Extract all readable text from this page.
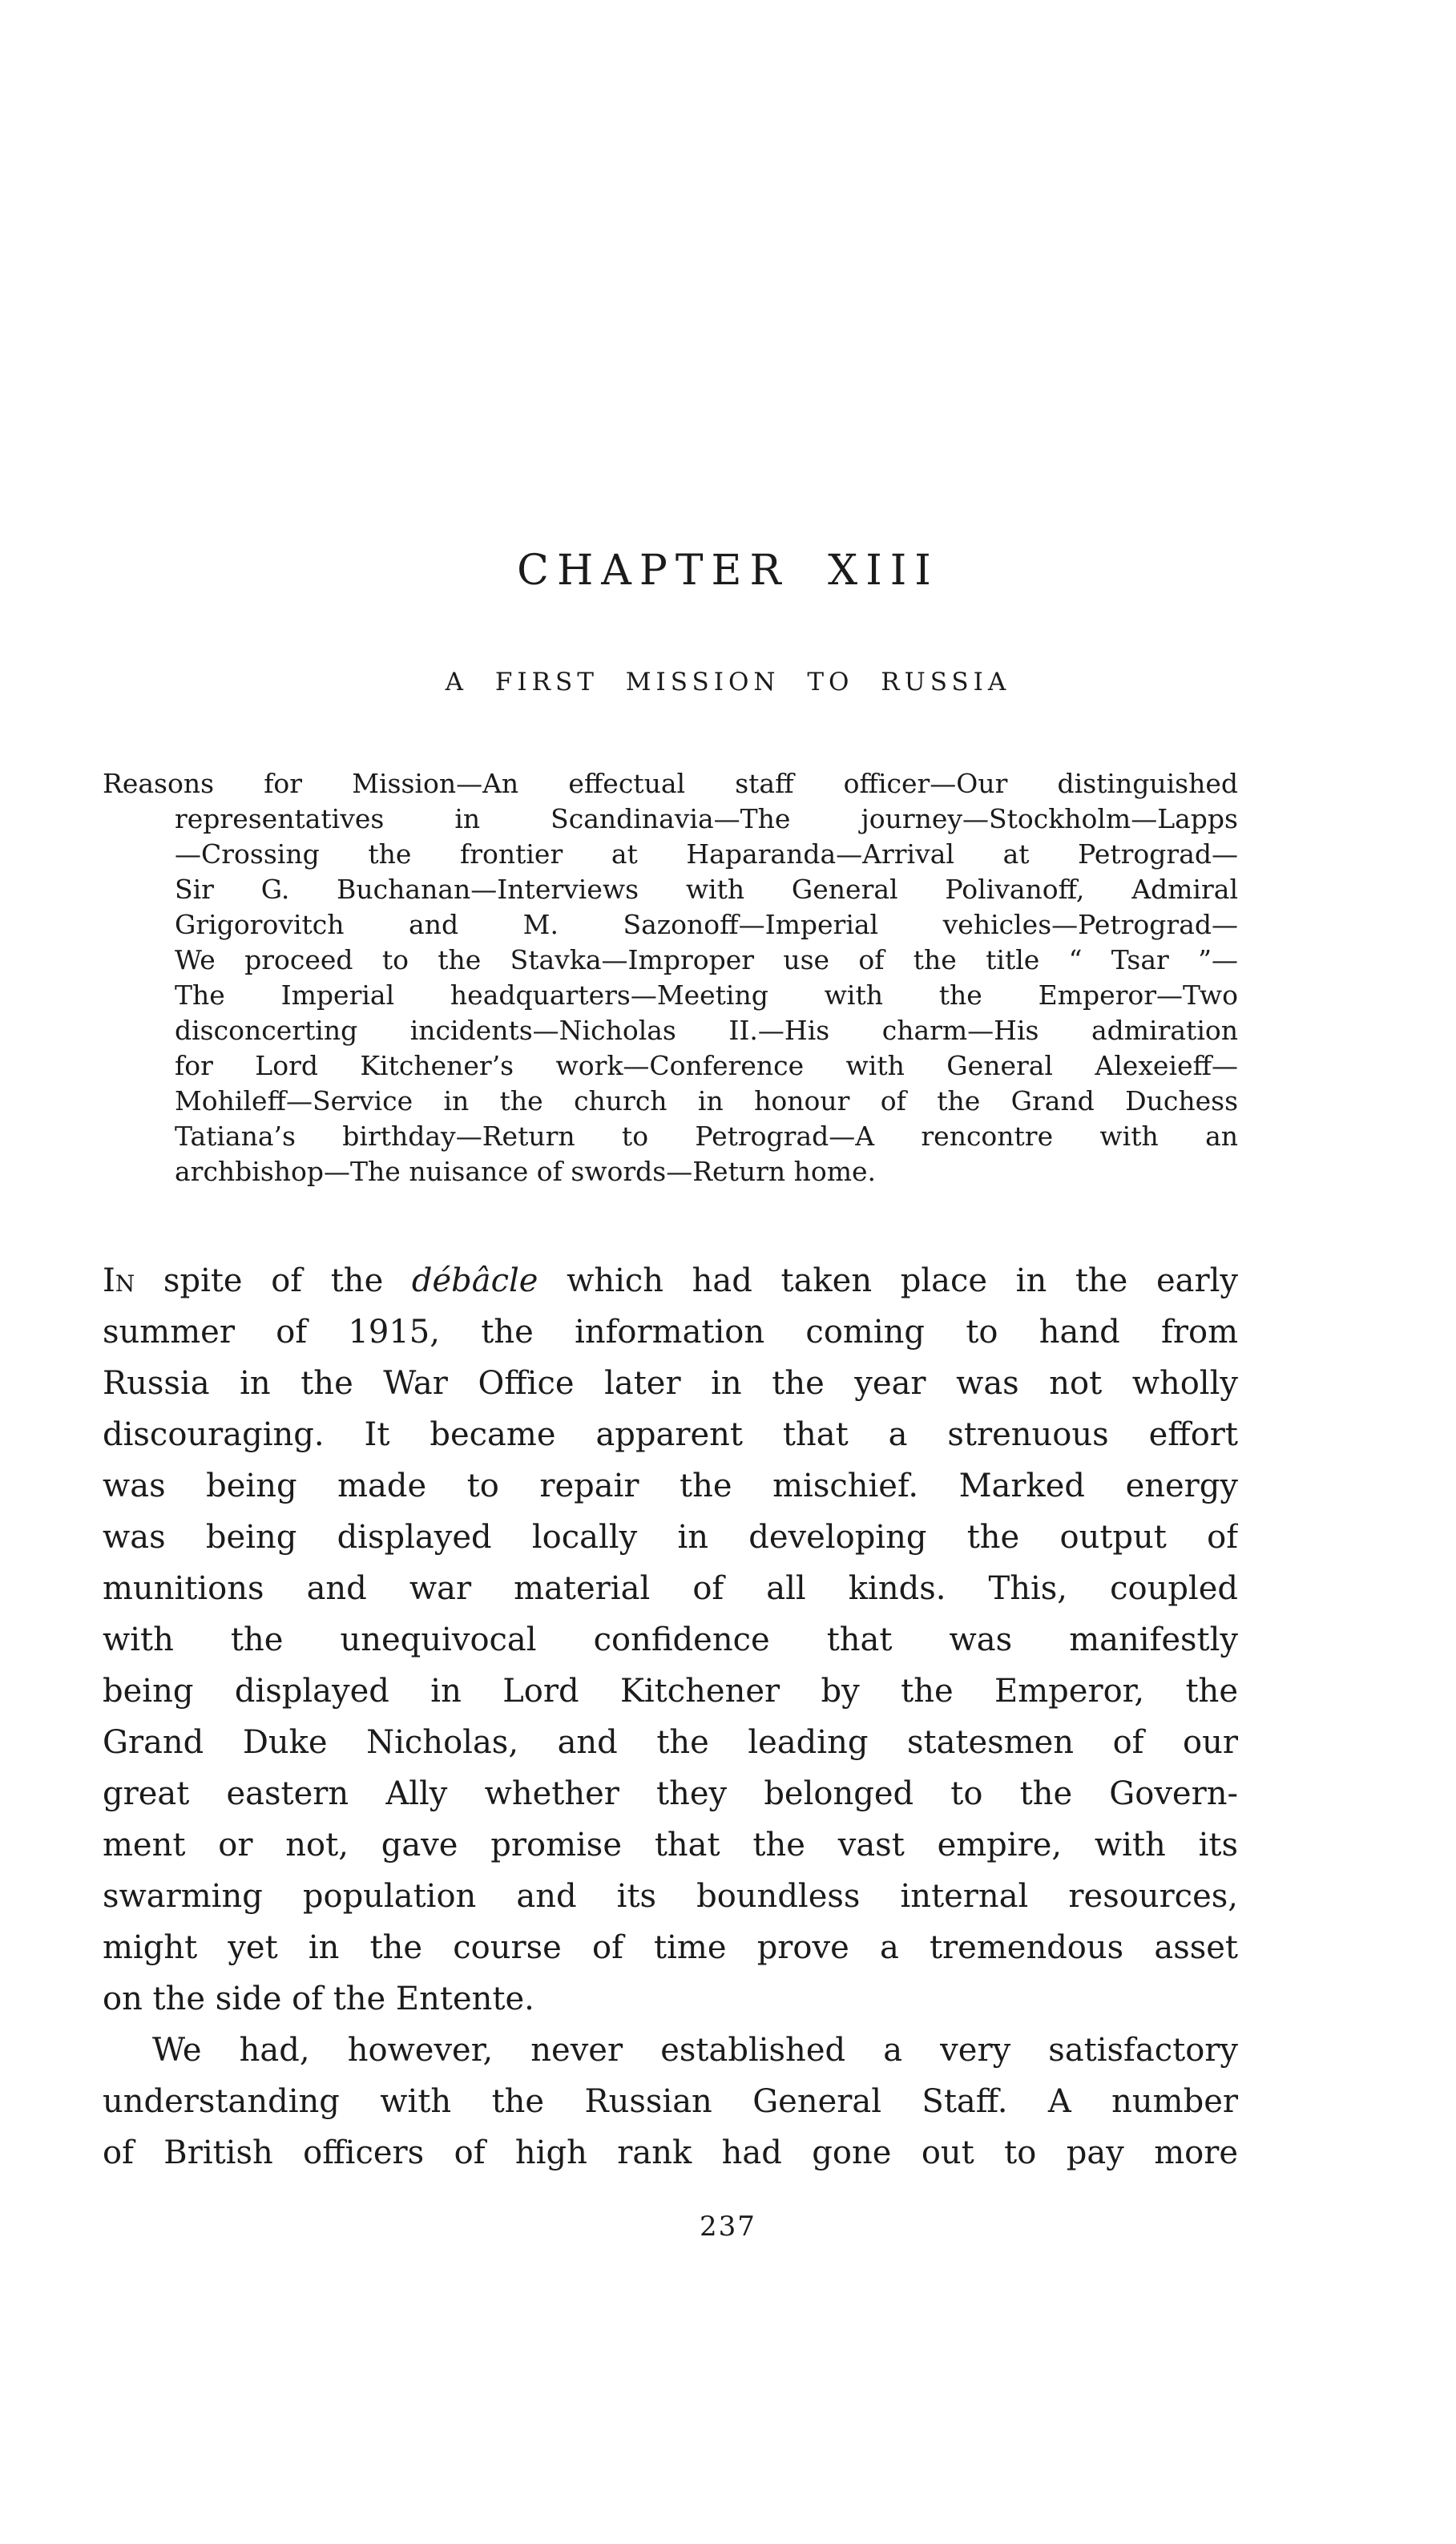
CHAPTER XIII
A FIRST MISSION TO RUSSIA
Reasons for Mission—An effectual staff officer—Our distinguished
representatives in Scandinavia—The journey—Stockholm—Lapps
—Crossing the frontier at Haparanda—Arrival at Petrograd—
Sir G. Buchanan—Interviews with General Polivanoff, Admiral
Grigorovitch and M. Sazonoff—Imperial vehicles—Petrograd—
We proceed to the Stavka—Improper use of the title “ Tsar ”—
The Imperial headquarters—Meeting with the Emperor—Two
disconcerting incidents—Nicholas II.—His charm—His admiration
for Lord Kitchener’s work—Conference with General Alexeieff—
Mohileff—Service in the church in honour of the Grand Duchess
Tatiana’s birthday—Return to Petrograd—A rencontre with an
archbishop—The nuisance of swords—Return home.
In spite of the débâcle which had taken place in the early
summer of 1915, the information coming to hand from
Russia in the War Office later in the year was not wholly
discouraging. It became apparent that a strenuous effort
was being made to repair the mischief. Marked energy
was being displayed locally in developing the output of
munitions and war material of all kinds. This, coupled
with the unequivocal confidence that was manifestly
being displayed in Lord Kitchener by the Emperor, the
Grand Duke Nicholas, and the leading statesmen of our
great eastern Ally whether they belonged to the Govern-
ment or not, gave promise that the vast empire, with its
swarming population and its boundless internal resources,
might yet in the course of time prove a tremendous asset
on the side of the Entente.
We had, however, never established a very satisfactory
understanding with the Russian General Staff. A number
of British officers of high rank had gone out to pay more
237
